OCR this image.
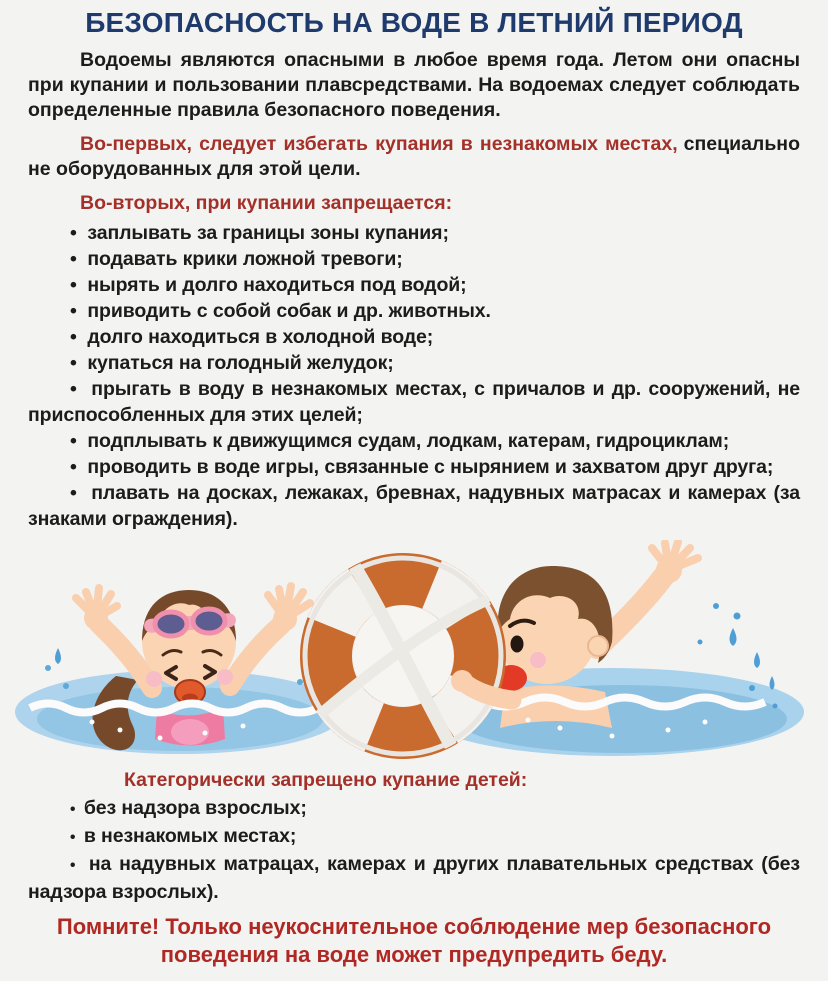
БЕЗОПАСНОСТЬ НА ВОДЕ В ЛЕТНИЙ ПЕРИОД

Водоемы являются опасными в любое время года. Летом они опасны при купании и пользовании плавсредствами. На водоемах следует соблюдать определенные правила безопасного поведения.

Во-первых, следует избегать купания в незнакомых местах, специально не оборудованных для этой цели.

Во-вторых, при купании запрещается:

•  заплывать за границы зоны купания;

•  подавать крики ложной тревоги;

•  нырять и долго находиться под водой;

•  приводить с собой собак и др. животных.

•  долго находиться в холодной воде;

•  купаться на голодный желудок;

•  прыгать в воду в незнакомых местах, с причалов и др. сооружений, не приспособленных для этих целей;

•  подплывать к движущимся судам, лодкам, катерам, гидроциклам;

•  проводить в воде игры, связанные с нырянием и захватом друг друга;

•  плавать на досках, лежаках, бревнах, надувных матрасах и камерах (за знаками ограждения).

Категорически запрещено купание детей:

•  без надзора взрослых;

•  в незнакомых местах;

•  на надувных матрацах, камерах и других плавательных средствах (без надзора взрослых).

Помните! Только неукоснительное соблюдение мер безопасного поведения на воде может предупредить беду.
